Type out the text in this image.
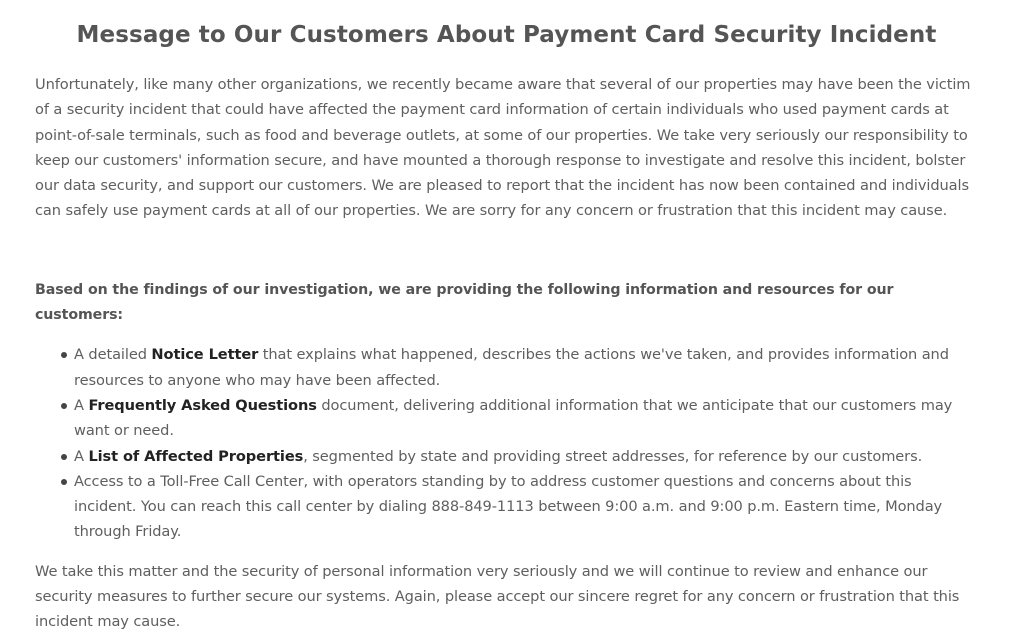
Message to Our Customers About Payment Card Security Incident

Unfortunately, like many other organizations, we recently became aware that several of our properties may have been the victim of a security incident that could have affected the payment card information of certain individuals who used payment cards at point-of-sale terminals, such as food and beverage outlets, at some of our properties. We take very seriously our responsibility to keep our customers' information secure, and have mounted a thorough response to investigate and resolve this incident, bolster our data security, and support our customers. We are pleased to report that the incident has now been contained and individuals can safely use payment cards at all of our properties. We are sorry for any concern or frustration that this incident may cause.

Based on the findings of our investigation, we are providing the following information and resources for our customers:

A detailed Notice Letter that explains what happened, describes the actions we've taken, and provides information and resources to anyone who may have been affected.
A Frequently Asked Questions document, delivering additional information that we anticipate that our customers may want or need.
A List of Affected Properties, segmented by state and providing street addresses, for reference by our customers.
Access to a Toll-Free Call Center, with operators standing by to address customer questions and concerns about this incident. You can reach this call center by dialing 888-849-1113 between 9:00 a.m. and 9:00 p.m. Eastern time, Monday through Friday.

We take this matter and the security of personal information very seriously and we will continue to review and enhance our security measures to further secure our systems. Again, please accept our sincere regret for any concern or frustration that this incident may cause.
